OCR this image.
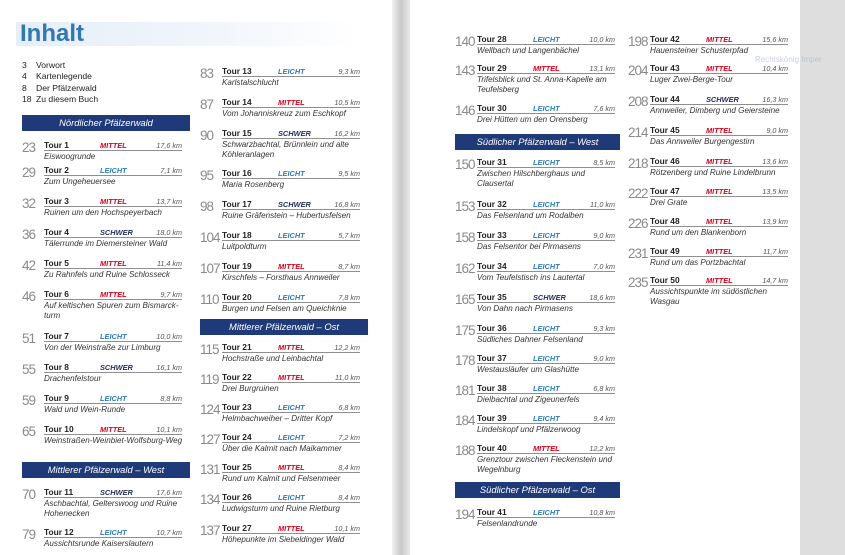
Inhalt
3 Vorwort
4 Kartenlegende
8 Der Pfälzerwald
18 Zu diesem Buch
Nördlicher Pfälzerwald
Mittlerer Pfälzerwald – West
Mittlerer Pfälzerwald – Ost
23 Tour 1	MITTEL	17,6 km
Eiswoogrunde
29 Tour 2	LEICHT	7,1 km
Zum Ungeheuersee
32 Tour 3	MITTEL	13,7 km
Ruinen um den Hochspeyerbach
36 Tour 4	SCHWER	18,0 km
Tälerrunde im Diemersteiner Wald
42 Tour 5	MITTEL	11,4 km
Zu Rahnfels und Ruine Schlosseck
46 Tour 6	MITTEL	9,7 km
Auf keltischen Spuren zum Bismarckturm
51 Tour 7	LEICHT	10,0 km
Von der Weinstraße zur Limburg
55 Tour 8	SCHWER	16,1 km
Drachenfelstour
59 Tour 9	LEICHT	8,8 km
Wald und Wein-Runde
65 Tour 10	MITTEL	10,1 km
Weinstraßen-Weinbiet-Wolfsburg-Weg
70 Tour 11	SCHWER	17,6 km
Aschbachtal, Gelterswoog und Ruine Hohenecken
79 Tour 12	LEICHT	10,7 km
Aussichtsrunde Kaiserslautern
83 Tour 13	LEICHT	9,3 km
Karlstalschlucht
87 Tour 14	MITTEL	10,5 km
Vom Johanniskreuz zum Eschkopf
90 Tour 15	SCHWER	16,2 km
Schwarzbachtal, Brünnlein und alte Köhleranlagen
95 Tour 16	LEICHT	9,5 km
Maria Rosenberg
98 Tour 17	SCHWER	16,8 km
Ruine Gräfenstein – Hubertusfelsen
104 Tour 18	LEICHT	5,7 km
Luitpoldturm
107 Tour 19	MITTEL	8,7 km
Kirschfels – Forsthaus Annweiler
110 Tour 20	LEICHT	7,8 km
Burgen und Felsen am Queichknie
115 Tour 21	MITTEL	12,2 km
Hochstraße und Leinbachtal
119 Tour 22	MITTEL	11,0 km
Drei Burgruinen
124 Tour 23	LEICHT	6,8 km
Helmbachweiher – Dritter Kopf
127 Tour 24	LEICHT	7,2 km
Über die Kalmit nach Maikammer
131 Tour 25	MITTEL	8,4 km
Rund um Kalmit und Felsenmeer
134 Tour 26	LEICHT	8,4 km
Ludwigsturm und Ruine Rietburg
137 Tour 27	MITTEL	10,1 km
Höhepunkte im Siebeldinger Wald
Rechtskönig Imper
Südlicher Pfälzerwald – West
Südlicher Pfälzerwald – Ost
140 Tour 28	LEICHT	10,0 km
Wellbach und Langenbächel
143 Tour 29	MITTEL	13,1 km
Trifelsblick und St. Anna-Kapelle am Teufelsberg
146 Tour 30	LEICHT	7,6 km
Drei Hütten um den Orensberg
150 Tour 31	LEICHT	8,5 km
Zwischen Hilschberghaus und Clausertal
153 Tour 32	LEICHT	11,0 km
Das Felsenland um Rodalben
158 Tour 33	LEICHT	9,0 km
Das Felsentor bei Pirmasens
162 Tour 34	LEICHT	7,0 km
Vom Teufelstisch ins Lautertal
165 Tour 35	SCHWER	18,6 km
Von Dahn nach Pirmasens
175 Tour 36	LEICHT	9,3 km
Südliches Dahner Felsenland
178 Tour 37	LEICHT	9,0 km
Westausläufer um Glashütte
181 Tour 38	LEICHT	6,8 km
Dielbachtal und Zigeunerfels
184 Tour 39	LEICHT	9,4 km
Lindelskopf und Pfälzerwoog
188 Tour 40	MITTEL	12,2 km
Grenztour zwischen Fleckenstein und Wegelnburg
194 Tour 41	LEICHT	10,8 km
Felsenlandrunde
198 Tour 42	MITTEL	15,6 km
Hauensteiner Schusterpfad
204 Tour 43	MITTEL	10,4 km
Luger Zwei-Berge-Tour
208 Tour 44	SCHWER	16,3 km
Annweiler, Dimberg und Geiersteine
214 Tour 45	MITTEL	9,0 km
Das Annweiler Burgengestirn
218 Tour 46	MITTEL	13,6 km
Rötzenberg und Ruine Lindelbrunn
222 Tour 47	MITTEL	13,5 km
Drei Grate
226 Tour 48	MITTEL	13,9 km
Rund um den Blankenborn
231 Tour 49	MITTEL	11,7 km
Rund um das Portzbachtal
235 Tour 50	MITTEL	14,7 km
Aussichtspunkte im südöstlichen Wasgau
